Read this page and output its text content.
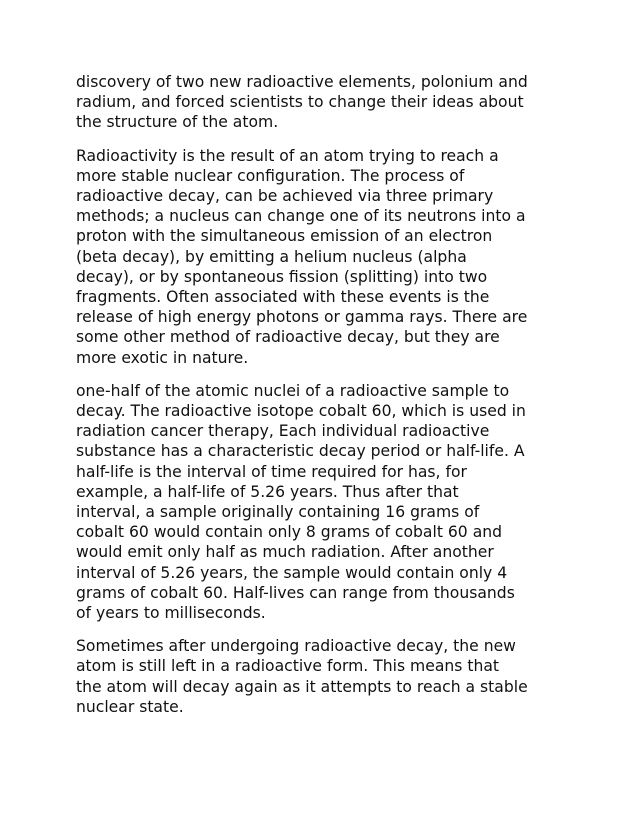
discovery of two new radioactive elements, polonium and
radium, and forced scientists to change their ideas about
the structure of the atom.

Radioactivity is the result of an atom trying to reach a
more stable nuclear configuration. The process of
radioactive decay, can be achieved via three primary
methods; a nucleus can change one of its neutrons into a
proton with the simultaneous emission of an electron
(beta decay), by emitting a helium nucleus (alpha
decay), or by spontaneous fission (splitting) into two
fragments. Often associated with these events is the
release of high energy photons or gamma rays. There are
some other method of radioactive decay, but they are
more exotic in nature.

one-half of the atomic nuclei of a radioactive sample to
decay. The radioactive isotope cobalt 60, which is used in
radiation cancer therapy, Each individual radioactive
substance has a characteristic decay period or half-life. A
half-life is the interval of time required for has, for
example, a half-life of 5.26 years. Thus after that
interval, a sample originally containing 16 grams of
cobalt 60 would contain only 8 grams of cobalt 60 and
would emit only half as much radiation. After another
interval of 5.26 years, the sample would contain only 4
grams of cobalt 60. Half-lives can range from thousands
of years to milliseconds.

Sometimes after undergoing radioactive decay, the new
atom is still left in a radioactive form. This means that
the atom will decay again as it attempts to reach a stable
nuclear state.
